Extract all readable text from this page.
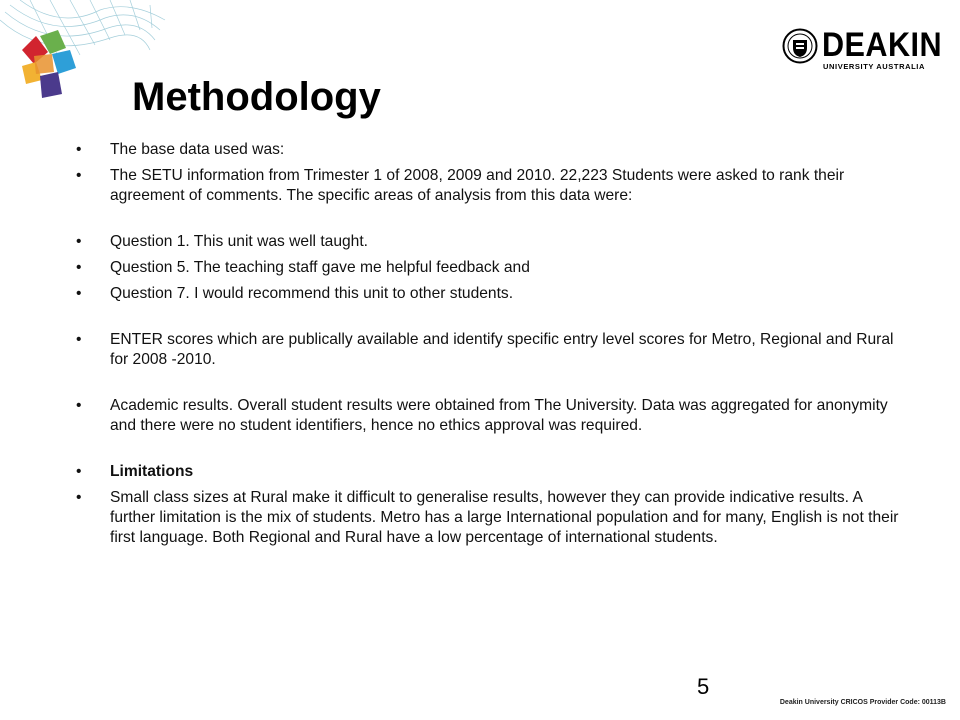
DEAKIN
UNIVERSITY AUSTRALIA
Methodology
• The base data used was:
• The SETU information from Trimester 1 of 2008, 2009 and 2010. 22,223 Students were asked to rank their agreement of comments. The specific areas of analysis from this data were:
• Question 1. This unit was well taught.
• Question 5. The teaching staff gave me helpful feedback and
• Question 7. I would recommend this unit to other students.
• ENTER scores which are publically available and identify specific entry level scores for Metro, Regional and Rural for 2008 -2010.
• Academic results. Overall student results were obtained from The University. Data was aggregated for anonymity and there were no student identifiers, hence no ethics approval was required.
• Limitations
• Small class sizes at Rural make it difficult to generalise results, however they can provide indicative results. A further limitation is the mix of students. Metro has a large International population and for many, English is not their first language. Both Regional and Rural have a low percentage of international students.
5
Deakin University CRICOS Provider Code: 00113B
